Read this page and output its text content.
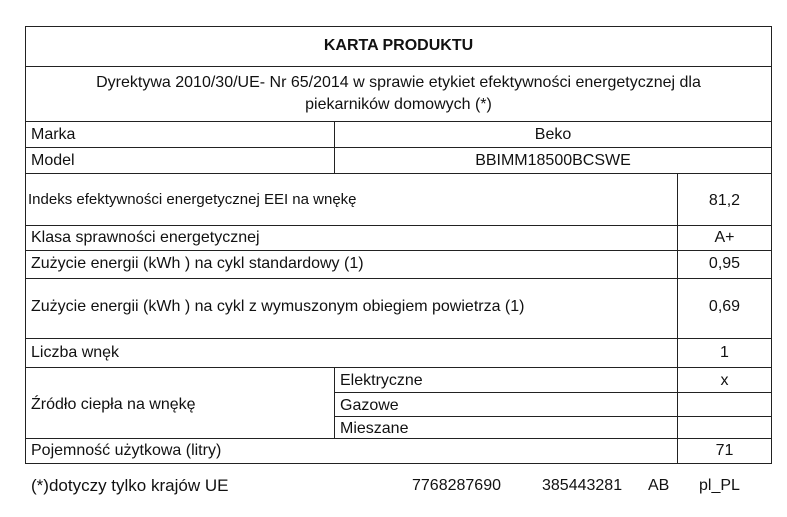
KARTA PRODUKTU
Dyrektywa 2010/30/UE- Nr 65/2014 w sprawie etykiet efektywności energetycznej dla
piekarników domowych (*)
Marka	Beko
Model	BBIMM18500BCSWE
Indeks efektywności energetycznej EEI na wnękę	81,2
Klasa sprawności energetycznej	A+
Zużycie energii (kWh ) na cykl standardowy (1)	0,95
Zużycie energii (kWh ) na cykl z wymuszonym obiegiem powietrza (1)	0,69
Liczba wnęk	1
Źródło ciepła na wnękę
Elektryczne	x
Gazowe
Mieszane
Pojemność użytkowa (litry)	71
(*)dotyczy tylko krajów UE	7768287690	385443281 AB pl_PL
